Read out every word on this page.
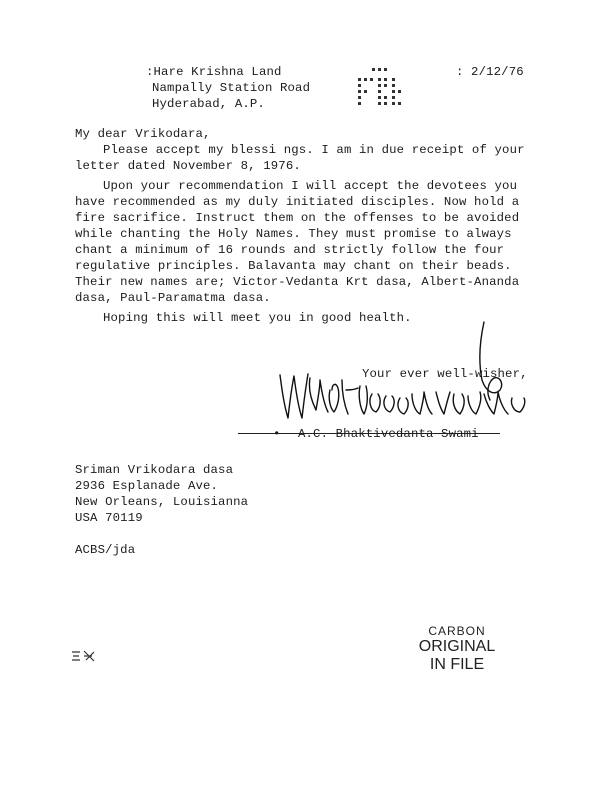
:Hare Krishna Land
Nampally Station Road
Hyderabad, A.P.
: 2/12/76
My dear Vrikodara,
Please accept my blessi ngs. I am in due receipt of your
letter dated November 8, 1976.
Upon your recommendation I will accept the devotees you
have recommended as my duly initiated disciples. Now hold a
fire sacrifice. Instruct them on the offenses to be avoided
while chanting the Holy Names. They must promise to always
chant a minimum of 16 rounds and strictly follow the four
regulative principles. Balavanta may chant on their beads.
Their new names are; Victor-Vedanta Krt dasa, Albert-Ananda
dasa, Paul-Paramatma dasa.
Hoping this will meet you in good health.
Your ever well-wisher,
• A.C. Bhaktivedanta Swami
Sriman Vrikodara dasa
2936 Esplanade Ave.
New Orleans, Louisianna
USA 70119
ACBS/jda
CARBON
ORIGINAL
IN FILE
